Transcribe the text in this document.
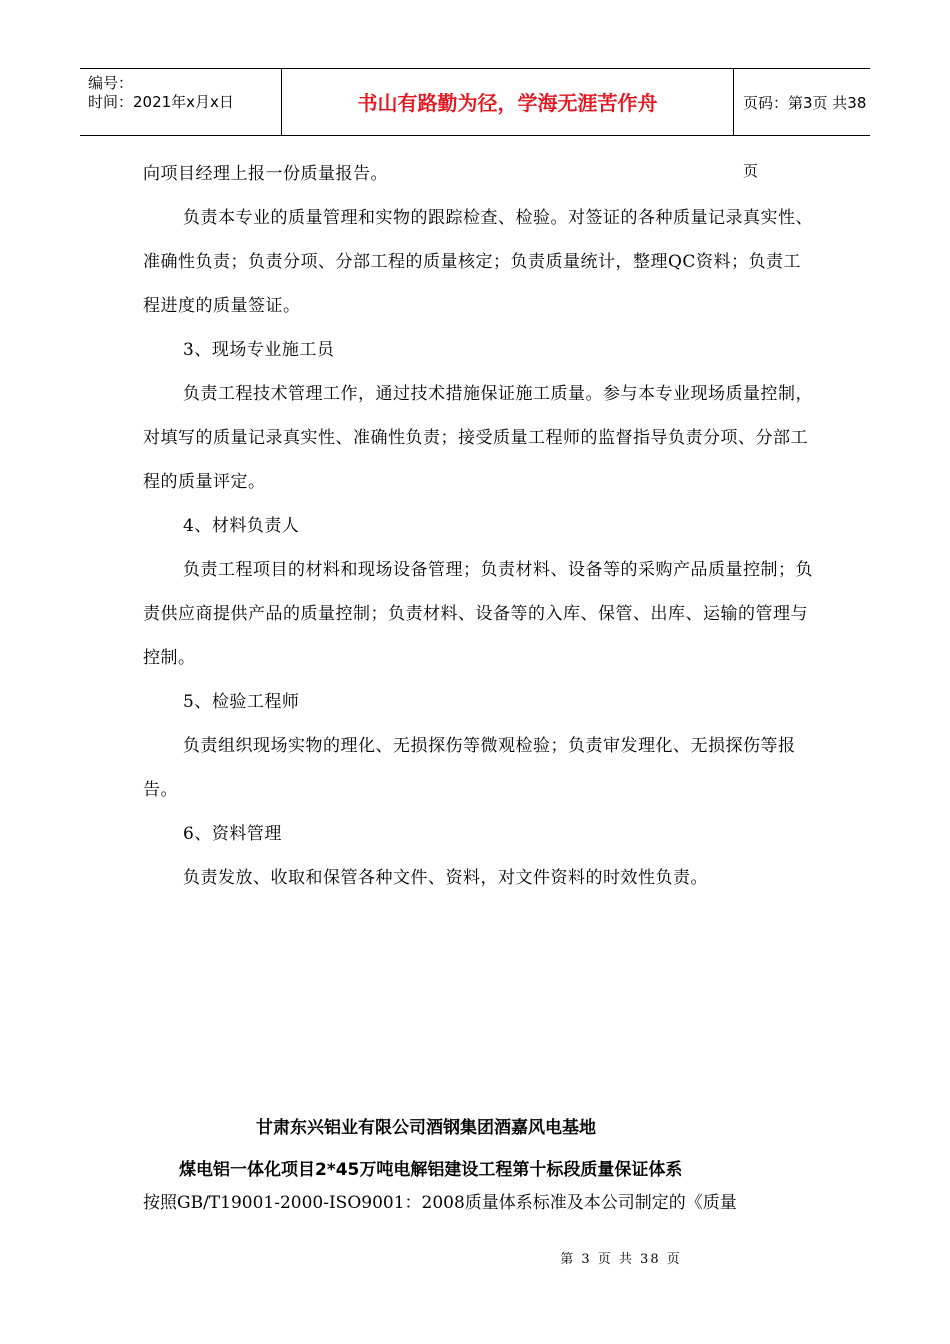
编号：
时间：2021年x月x日	书山有路勤为径，学海无涯苦作舟	页码：第3页 共38页

向项目经理上报一份质量报告。

负责本专业的质量管理和实物的跟踪检查、检验。对签证的各种质量记录真实性、准确性负责；负责分项、分部工程的质量核定；负责质量统计，整理QC资料；负责工程进度的质量签证。

3、现场专业施工员

负责工程技术管理工作，通过技术措施保证施工质量。参与本专业现场质量控制，对填写的质量记录真实性、准确性负责；接受质量工程师的监督指导负责分项、分部工程的质量评定。

4、材料负责人

负责工程项目的材料和现场设备管理；负责材料、设备等的采购产品质量控制；负责供应商提供产品的质量控制；负责材料、设备等的入库、保管、出库、运输的管理与控制。

5、检验工程师

负责组织现场实物的理化、无损探伤等微观检验；负责审发理化、无损探伤等报告。

6、资料管理

负责发放、收取和保管各种文件、资料，对文件资料的时效性负责。

甘肃东兴铝业有限公司酒钢集团酒嘉风电基地
煤电铝一体化项目2*45万吨电解铝建设工程第十标段质量保证体系
按照GB/T19001-2000-ISO9001：2008质量体系标准及本公司制定的《质量
第 3 页 共 38 页
